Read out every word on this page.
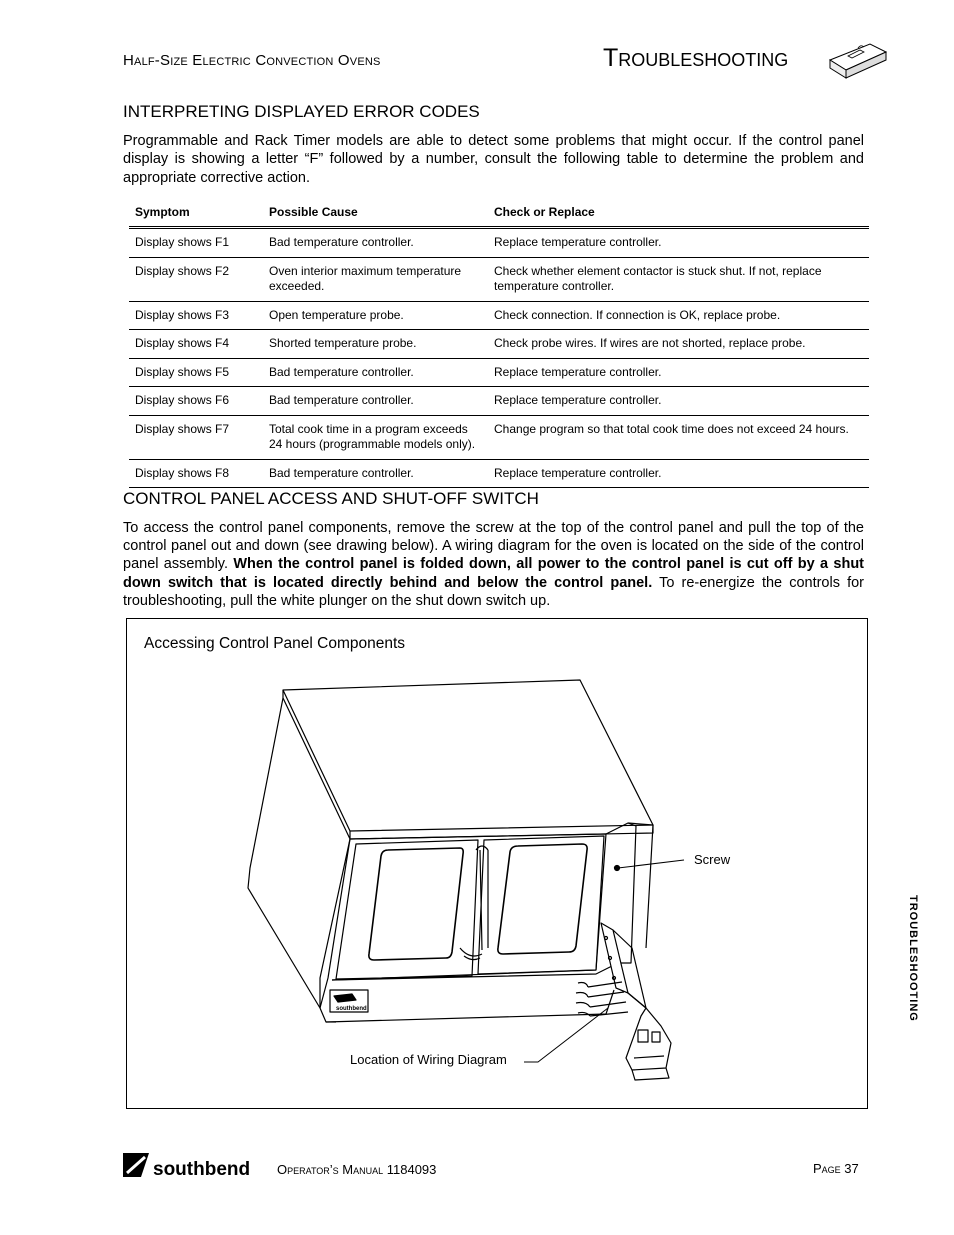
Half-Size Electric Convection Ovens	Troubleshooting
INTERPRETING DISPLAYED ERROR CODES
Programmable and Rack Timer models are able to detect some problems that might occur. If the control panel display is showing a letter “F” followed by a number, consult the following table to determine the problem and appropriate corrective action.
Symptom	Possible Cause	Check or Replace
Display shows F1	Bad temperature controller.	Replace temperature controller.
Display shows F2	Oven interior maximum temperature exceeded.	Check whether element contactor is stuck shut. If not, replace temperature controller.
Display shows F3	Open temperature probe.	Check connection. If connection is OK, replace probe.
Display shows F4	Shorted temperature probe.	Check probe wires. If wires are not shorted, replace probe.
Display shows F5	Bad temperature controller.	Replace temperature controller.
Display shows F6	Bad temperature controller.	Replace temperature controller.
Display shows F7	Total cook time in a program exceeds 24 hours (programmable models only).	Change program so that total cook time does not exceed 24 hours.
Display shows F8	Bad temperature controller.	Replace temperature controller.
CONTROL PANEL ACCESS AND SHUT-OFF SWITCH
To access the control panel components, remove the screw at the top of the control panel and pull the top of the control panel out and down (see drawing below). A wiring diagram for the oven is located on the side of the control panel assembly. When the control panel is folded down, all power to the control panel is cut off by a shut down switch that is located directly behind and below the control panel. To re-energize the controls for troubleshooting, pull the white plunger on the shut down switch up.
Accessing Control Panel Components
southbend
Screw
Location of Wiring Diagram
TROUBLESHOOTING
southbend Operator’s Manual 1184093	Page 37
